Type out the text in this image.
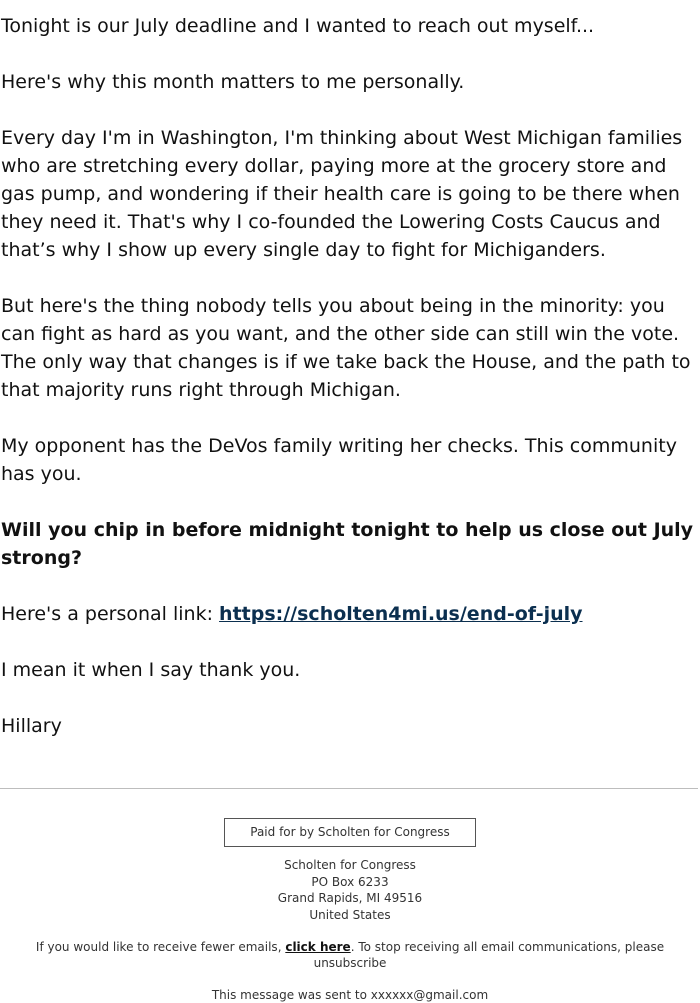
Tonight is our July deadline and I wanted to reach out myself...

Here's why this month matters to me personally.

Every day I'm in Washington, I'm thinking about West Michigan families who are stretching every dollar, paying more at the grocery store and gas pump, and wondering if their health care is going to be there when they need it. That's why I co-founded the Lowering Costs Caucus and that’s why I show up every single day to fight for Michiganders.

But here's the thing nobody tells you about being in the minority: you can fight as hard as you want, and the other side can still win the vote. The only way that changes is if we take back the House, and the path to that majority runs right through Michigan.

My opponent has the DeVos family writing her checks. This community has you.

Will you chip in before midnight tonight to help us close out July strong?

Here's a personal link: https://scholten4mi.us/end-of-july

I mean it when I say thank you.

Hillary

Paid for by Scholten for Congress
Scholten for Congress
PO Box 6233
Grand Rapids, MI 49516
United States
If you would like to receive fewer emails, click here. To stop receiving all email communications, please unsubscribe
This message was sent to xxxxxx@gmail.com
